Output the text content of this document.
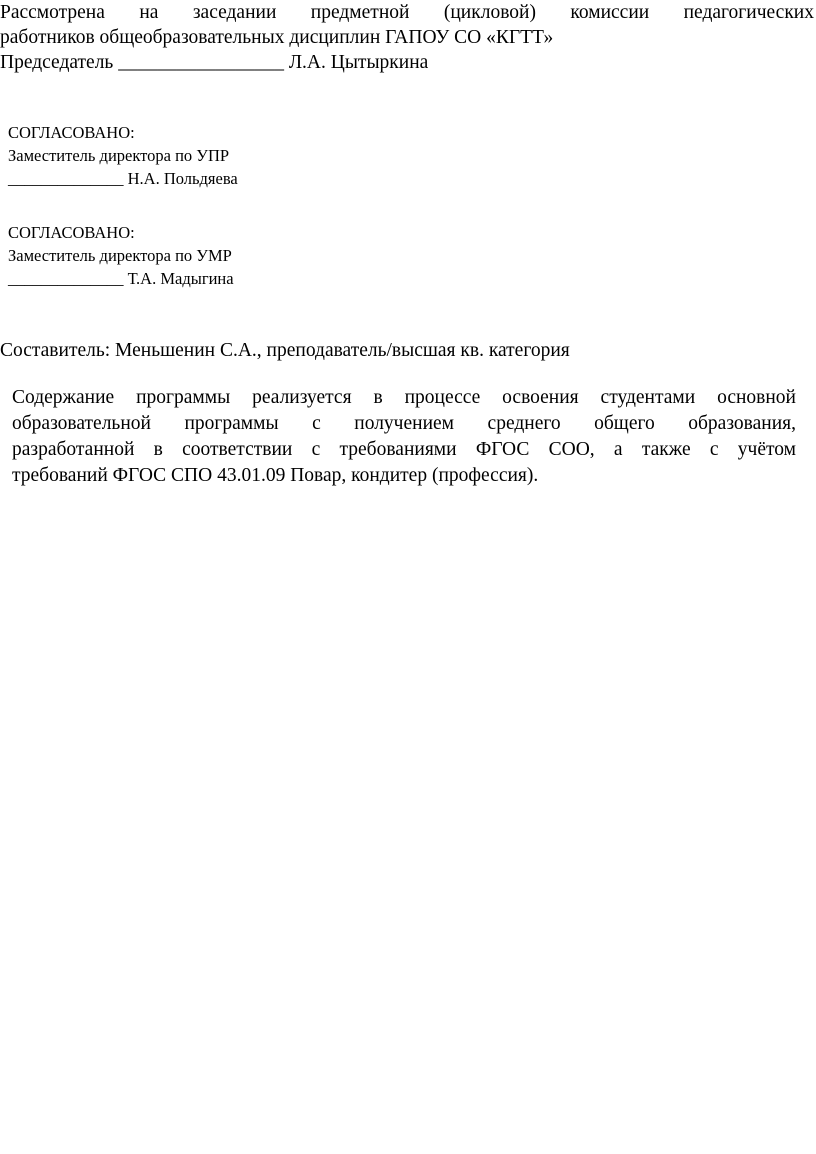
Рассмотрена на заседании предметной (цикловой) комиссии педагогических
работников общеобразовательных дисциплин ГАПОУ СО «КГТТ»
Председатель _________________ Л.А. Цытыркина
СОГЛАСОВАНО:
Заместитель директора по УПР
______________ Н.А. Польдяева
СОГЛАСОВАНО:
Заместитель директора по УМР
______________ Т.А. Мадыгина
Составитель: Меньшенин С.А., преподаватель/высшая кв. категория
Содержание программы реализуется в процессе освоения студентами основной
образовательной программы с получением среднего общего образования,
разработанной в соответствии с требованиями ФГОС СОО, а также с учётом
требований ФГОС СПО 43.01.09 Повар, кондитер (профессия).
